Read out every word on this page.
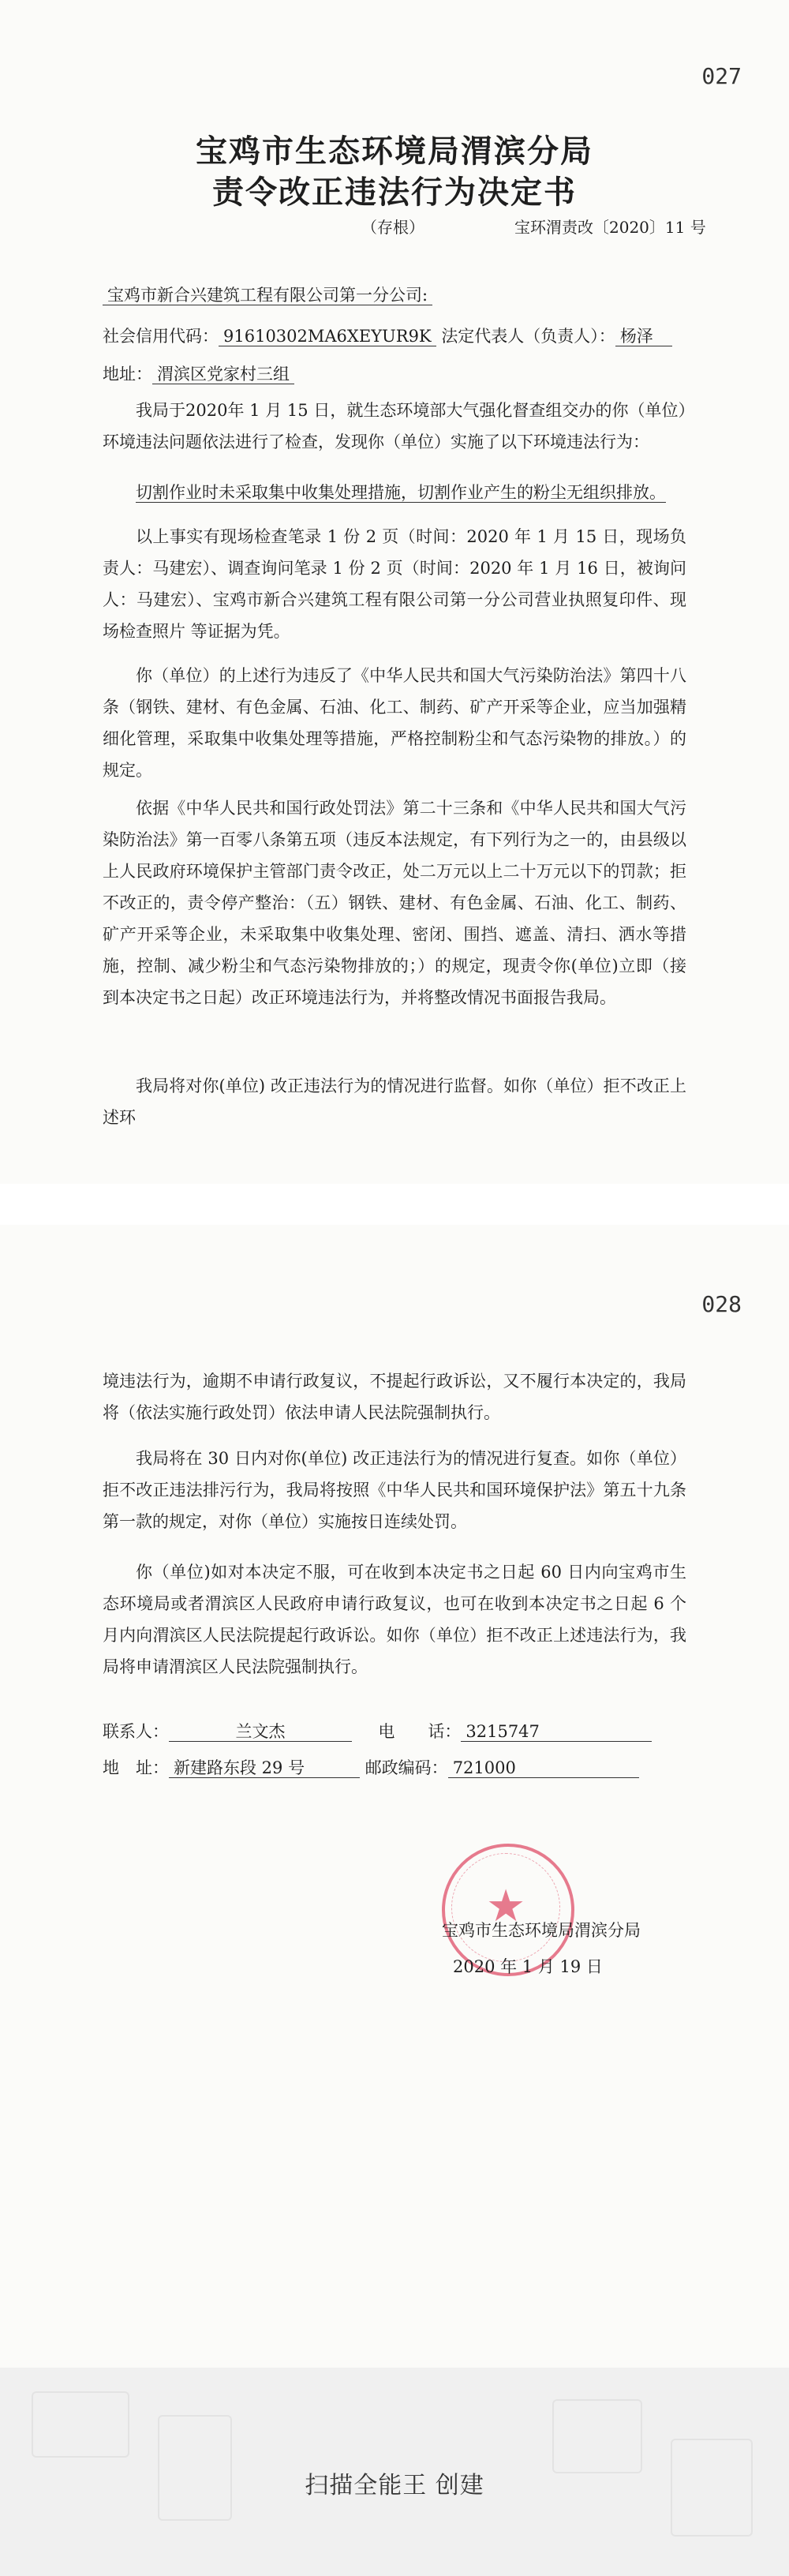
027
宝鸡市生态环境局渭滨分局
责令改正违法行为决定书
（存根）	宝环渭责改〔2020〕11 号
宝鸡市新合兴建筑工程有限公司第一分公司:
社会信用代码： 91610302MA6XEYUR9K 法定代表人（负责人）： 杨泽
地址： 渭滨区党家村三组
我局于2020年 1 月 15 日，就生态环境部大气强化督查组交办的你（单位）环境违法问题依法进行了检查，发现你（单位）实施了以下环境违法行为：
切割作业时未采取集中收集处理措施，切割作业产生的粉尘无组织排放。
以上事实有现场检查笔录 1 份 2 页（时间：2020 年 1 月 15 日，现场负责人：马建宏）、调查询问笔录 1 份 2 页（时间：2020 年 1 月 16 日，被询问人：马建宏）、宝鸡市新合兴建筑工程有限公司第一分公司营业执照复印件、现场检查照片 等证据为凭。
你（单位）的上述行为违反了《中华人民共和国大气污染防治法》第四十八条（钢铁、建材、有色金属、石油、化工、制药、矿产开采等企业，应当加强精细化管理，采取集中收集处理等措施，严格控制粉尘和气态污染物的排放。）的规定。
依据《中华人民共和国行政处罚法》第二十三条和《中华人民共和国大气污染防治法》第一百零八条第五项（违反本法规定，有下列行为之一的，由县级以上人民政府环境保护主管部门责令改正，处二万元以上二十万元以下的罚款；拒不改正的，责令停产整治：（五）钢铁、建材、有色金属、石油、化工、制药、矿产开采等企业，未采取集中收集处理、密闭、围挡、遮盖、清扫、洒水等措施，控制、减少粉尘和气态污染物排放的；）的规定，现责令你(单位)立即（接到本决定书之日起）改正环境违法行为，并将整改情况书面报告我局。
我局将对你(单位) 改正违法行为的情况进行监督。如你（单位）拒不改正上述环
028
境违法行为，逾期不申请行政复议，不提起行政诉讼，又不履行本决定的，我局将（依法实施行政处罚）依法申请人民法院强制执行。
我局将在 30 日内对你(单位) 改正违法行为的情况进行复查。如你（单位）拒不改正违法排污行为，我局将按照《中华人民共和国环境保护法》第五十九条第一款的规定，对你（单位）实施按日连续处罚。
你（单位)如对本决定不服，可在收到本决定书之日起 60 日内向宝鸡市生态环境局或者渭滨区人民政府申请行政复议，也可在收到本决定书之日起 6 个月内向渭滨区人民法院提起行政诉讼。如你（单位）拒不改正上述违法行为，我局将申请渭滨区人民法院强制执行。
联系人：	兰文杰	电　　话： 3215747
地　址： 新建路东段 29 号	邮政编码： 721000
★
宝鸡市生态环境局渭滨分局
2020 年 1 月 19 日
扫描全能王 创建
